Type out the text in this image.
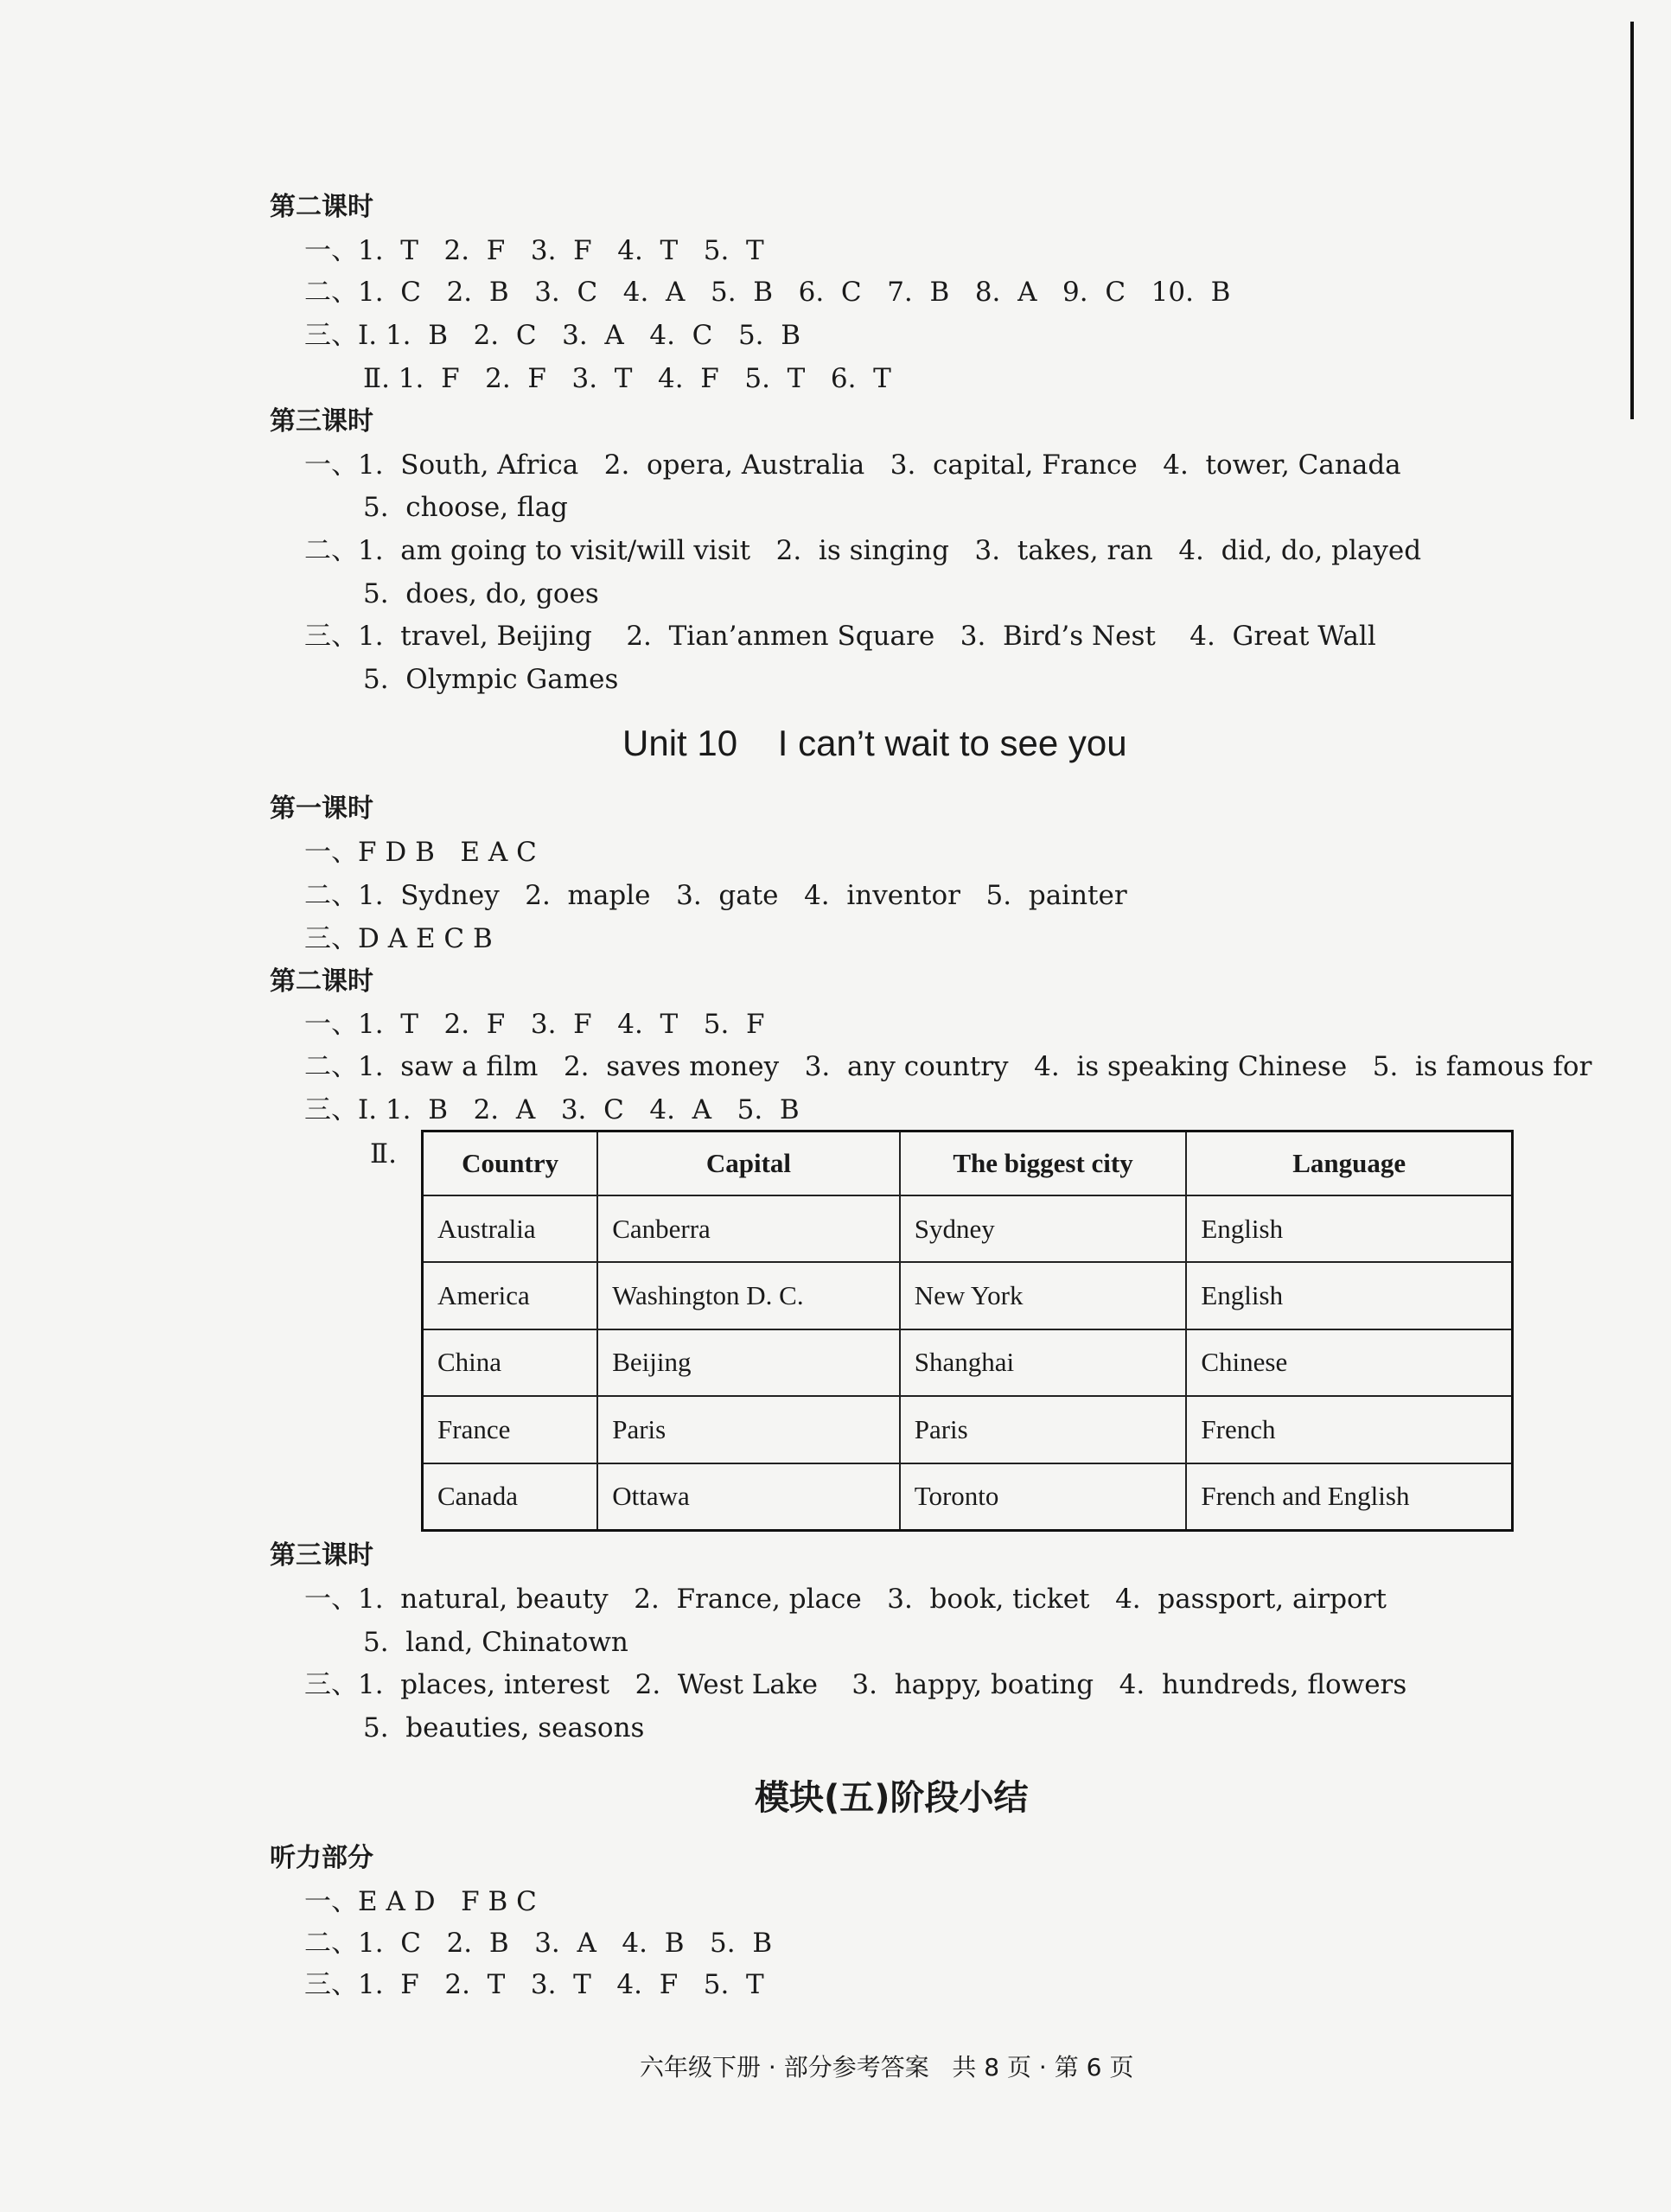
第二课时
一、1.  T   2.  F   3.  F   4.  T   5.  T
二、1.  C   2.  B   3.  C   4.  A   5.  B   6.  C   7.  B   8.  A   9.  C   10.  B
三、Ⅰ. 1.  B   2.  C   3.  A   4.  C   5.  B
Ⅱ. 1.  F   2.  F   3.  T   4.  F   5.  T   6.  T
第三课时
一、1.  South, Africa   2.  opera, Australia   3.  capital, France   4.  tower, Canada
5.  choose, flag
二、1.  am going to visit/will visit   2.  is singing   3.  takes, ran   4.  did, do, played
5.  does, do, goes
三、1.  travel, Beijing    2.  Tian’anmen Square   3.  Bird’s Nest    4.  Great Wall
5.  Olympic Games
Unit 10    I can’t wait to see you
第一课时
一、F D B   E A C
二、1.  Sydney   2.  maple   3.  gate   4.  inventor   5.  painter
三、D A E C B
第二课时
一、1.  T   2.  F   3.  F   4.  T   5.  F
二、1.  saw a film   2.  saves money   3.  any country   4.  is speaking Chinese   5.  is famous for
三、Ⅰ. 1.  B   2.  A   3.  C   4.  A   5.  B
Ⅱ. Country	Capital	The biggest city	Language
Australia	Canberra	Sydney	English
America	Washington D. C.	New York	English
China	Beijing	Shanghai	Chinese
France	Paris	Paris	French
Canada	Ottawa	Toronto	French and English
第三课时
一、1.  natural, beauty   2.  France, place   3.  book, ticket   4.  passport, airport
5.  land, Chinatown
三、1.  places, interest   2.  West Lake    3.  happy, boating   4.  hundreds, flowers
5.  beauties, seasons
模块(五)阶段小结
听力部分
一、E A D   F B C
二、1.  C   2.  B   3.  A   4.  B   5.  B
三、1.  F   2.  T   3.  T   4.  F   5.  T
六年级下册 · 部分参考答案   共 8 页 · 第 6 页
